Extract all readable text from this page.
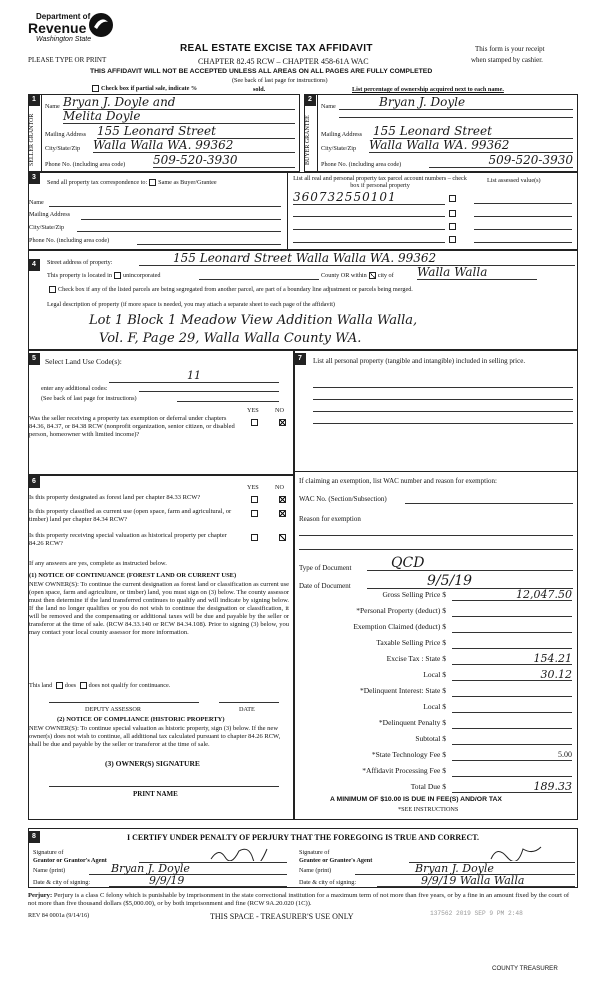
Department of
Revenue
Washington State
PLEASE TYPE OR PRINT
REAL ESTATE EXCISE TAX AFFIDAVIT
CHAPTER 82.45 RCW – CHAPTER 458-61A WAC
This form is your receipt
when stamped by cashier.
THIS AFFIDAVIT WILL NOT BE ACCEPTED UNLESS ALL AREAS ON ALL PAGES ARE FULLY COMPLETED
(See back of last page for instructions)
Check box if partial sale, indicate %	sold.	List percentage of ownership acquired next to each name.
1
SELLER GRANTOR
Name Bryan J. Doyle and
Melita Doyle
Mailing Address 155 Leonard Street
City/State/Zip Walla Walla WA. 99362
Phone No. (including area code) 509-520-3930
2
BUYER GRANTEE
Name	Bryan J. Doyle
Mailing Address 155 Leonard Street
City/State/Zip Walla Walla WA. 99362
Phone No. (including area code)	509-520-3930
3
Send all property tax correspondence to: Same as Buyer/Grantee
Name
Mailing Address
City/State/Zip
Phone No. (including area code)
List all real and personal property tax parcel account numbers – check box if personal property
360732550101
List assessed value(s)
4	Street address of property:	155 Leonard Street Walla Walla WA. 99362
This property is located in unincorporated	County OR within city of Walla Walla
Check box if any of the listed parcels are being segregated from another parcel, are part of a boundary line adjustment or parcels being merged.
Legal description of property (if more space is needed, you may attach a separate sheet to each page of the affidavit)
Lot 1 Block 1 Meadow View Addition Walla Walla,
Vol. F, Page 29, Walla Walla County WA.
5	Select Land Use Code(s):
11
enter any additional codes:
(See back of last page for instructions)
YES	NO
Was the seller receiving a property tax exemption or deferral under chapters 84.36, 84.37, or 84.38 RCW (nonprofit organization, senior citizen, or disabled person, homeowner with limited income)?
6
YES	NO
Is this property designated as forest land per chapter 84.33 RCW?
Is this property classified as current use (open space, farm and agricultural, or timber) land per chapter 84.34 RCW?
Is this property receiving special valuation as historical property per chapter 84.26 RCW?
If any answers are yes, complete as instructed below.
(1) NOTICE OF CONTINUANCE (FOREST LAND OR CURRENT USE)
NEW OWNER(S): To continue the current designation as forest land or classification as current use (open space, farm and agriculture, or timber) land, you must sign on (3) below. The county assessor must then determine if the land transferred continues to qualify and will indicate by signing below. If the land no longer qualifies or you do not wish to continue the designation or classification, it will be removed and the compensating or additional taxes will be due and payable by the seller or transferor at the time of sale. (RCW 84.33.140 or RCW 84.34.108). Prior to signing (3) below, you may contact your local county assessor for more information.
This land does does not qualify for continuance.
DEPUTY ASSESSOR	DATE
(2) NOTICE OF COMPLIANCE (HISTORIC PROPERTY)
NEW OWNER(S): To continue special valuation as historic property, sign (3) below. If the new owner(s) does not wish to continue, all additional tax calculated pursuant to chapter 84.26 RCW, shall be due and payable by the seller or transferor at the time of sale.
(3) OWNER(S) SIGNATURE
PRINT NAME
7	List all personal property (tangible and intangible) included in selling price.
If claiming an exemption, list WAC number and reason for exemption:
WAC No. (Section/Subsection)
Reason for exemption
Type of Document	QCD
Date of Document	9/5/19
Gross Selling Price $	12,047.50
*Personal Property (deduct) $
Exemption Claimed (deduct) $
Taxable Selling Price $
Excise Tax : State $	154.21
Local $	30.12
*Delinquent Interest: State $
Local $
*Delinquent Penalty $
Subtotal $
*State Technology Fee $	5.00
*Affidavit Processing Fee $
Total Due $	189.33
A MINIMUM OF $10.00 IS DUE IN FEE(S) AND/OR TAX
*SEE INSTRUCTIONS
8	I CERTIFY UNDER PENALTY OF PERJURY THAT THE FOREGOING IS TRUE AND CORRECT.
Signature of
Grantor or Grantor's Agent
Name (print)	Bryan J. Doyle
Date & city of signing:	9/9/19
Signature of
Grantee or Grantee's Agent
Name (print)	Bryan J. Doyle
Date & city of signing:	9/9/19 Walla Walla
Perjury: Perjury is a class C felony which is punishable by imprisonment in the state correctional institution for a maximum term of not more than five years, or by a fine in an amount fixed by the court of not more than five thousand dollars ($5,000.00), or by both imprisonment and fine (RCW 9A.20.020 (1C)).
REV 84 0001a (9/14/16)	THIS SPACE - TREASURER'S USE ONLY	137562 2019 SEP 9 PM 2:48
COUNTY TREASURER
